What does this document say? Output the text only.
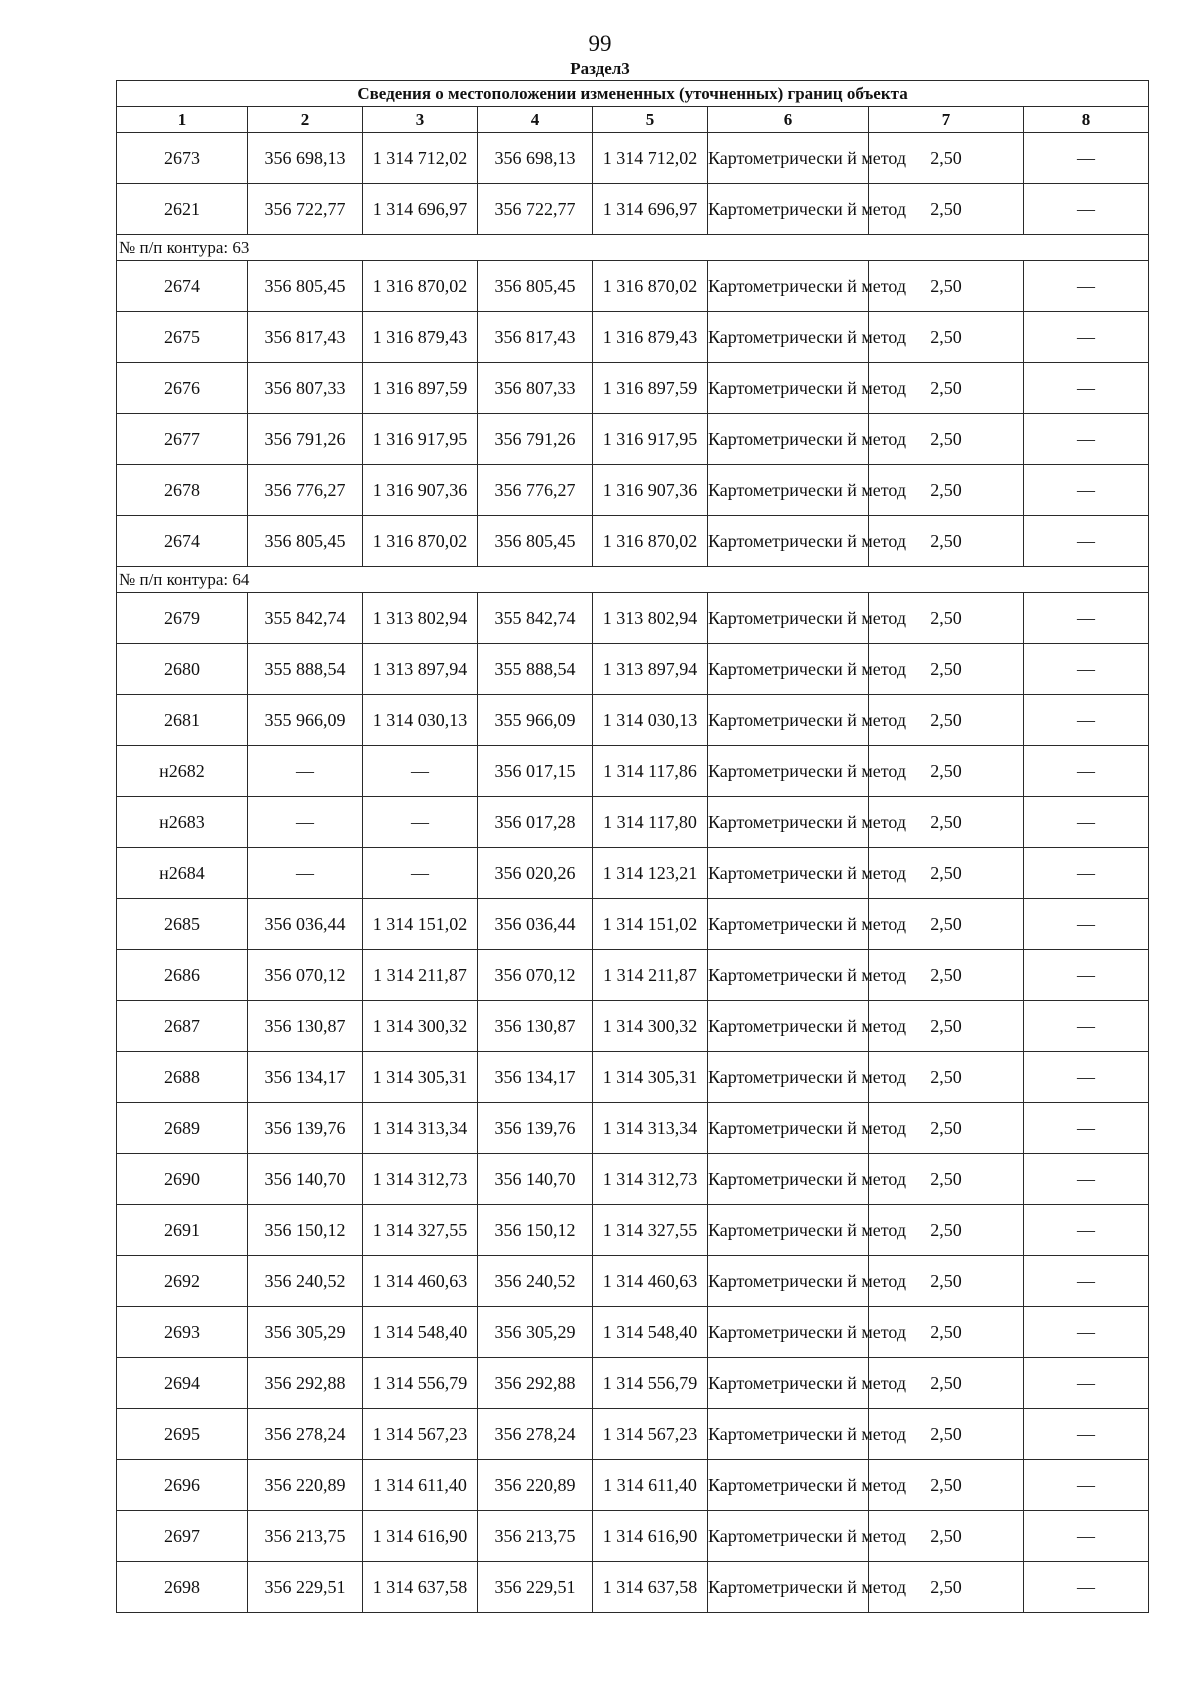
99
Раздел3
Сведения о местоположении измененных (уточненных) границ объекта							
1	2	3	4	5	6	7	8
2673	356 698,13	1 314 712,02	356 698,13	1 314 712,02	Картометрически й метод	2,50	—
2621	356 722,77	1 314 696,97	356 722,77	1 314 696,97	Картометрически й метод	2,50	—
№ п/п контура: 63							
2674	356 805,45	1 316 870,02	356 805,45	1 316 870,02	Картометрически й метод	2,50	—
2675	356 817,43	1 316 879,43	356 817,43	1 316 879,43	Картометрически й метод	2,50	—
2676	356 807,33	1 316 897,59	356 807,33	1 316 897,59	Картометрически й метод	2,50	—
2677	356 791,26	1 316 917,95	356 791,26	1 316 917,95	Картометрически й метод	2,50	—
2678	356 776,27	1 316 907,36	356 776,27	1 316 907,36	Картометрически й метод	2,50	—
2674	356 805,45	1 316 870,02	356 805,45	1 316 870,02	Картометрически й метод	2,50	—
№ п/п контура: 64							
2679	355 842,74	1 313 802,94	355 842,74	1 313 802,94	Картометрически й метод	2,50	—
2680	355 888,54	1 313 897,94	355 888,54	1 313 897,94	Картометрически й метод	2,50	—
2681	355 966,09	1 314 030,13	355 966,09	1 314 030,13	Картометрически й метод	2,50	—
н2682	—	—	356 017,15	1 314 117,86	Картометрически й метод	2,50	—
н2683	—	—	356 017,28	1 314 117,80	Картометрически й метод	2,50	—
н2684	—	—	356 020,26	1 314 123,21	Картометрически й метод	2,50	—
2685	356 036,44	1 314 151,02	356 036,44	1 314 151,02	Картометрически й метод	2,50	—
2686	356 070,12	1 314 211,87	356 070,12	1 314 211,87	Картометрически й метод	2,50	—
2687	356 130,87	1 314 300,32	356 130,87	1 314 300,32	Картометрически й метод	2,50	—
2688	356 134,17	1 314 305,31	356 134,17	1 314 305,31	Картометрически й метод	2,50	—
2689	356 139,76	1 314 313,34	356 139,76	1 314 313,34	Картометрически й метод	2,50	—
2690	356 140,70	1 314 312,73	356 140,70	1 314 312,73	Картометрически й метод	2,50	—
2691	356 150,12	1 314 327,55	356 150,12	1 314 327,55	Картометрически й метод	2,50	—
2692	356 240,52	1 314 460,63	356 240,52	1 314 460,63	Картометрически й метод	2,50	—
2693	356 305,29	1 314 548,40	356 305,29	1 314 548,40	Картометрически й метод	2,50	—
2694	356 292,88	1 314 556,79	356 292,88	1 314 556,79	Картометрически й метод	2,50	—
2695	356 278,24	1 314 567,23	356 278,24	1 314 567,23	Картометрически й метод	2,50	—
2696	356 220,89	1 314 611,40	356 220,89	1 314 611,40	Картометрически й метод	2,50	—
2697	356 213,75	1 314 616,90	356 213,75	1 314 616,90	Картометрически й метод	2,50	—
2698	356 229,51	1 314 637,58	356 229,51	1 314 637,58	Картометрически й метод	2,50	—
